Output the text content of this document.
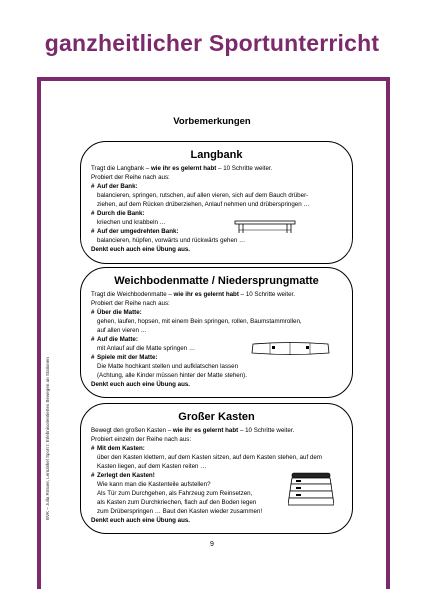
ganzheitlicher Sportunterricht
Vorbemerkungen
Langbank
Tragt die Langbank – wie ihr es gelernt habt – 10 Schritte weiter.
Probiert der Reihe nach aus:
# Auf der Bank:
balancieren, springen, rutschen, auf allen vieren, sich auf dem Bauch drüber-
ziehen, auf dem Rücken drüberziehen, Anlauf nehmen und drüberspringen …
# Durch die Bank:
kriechen und krabbeln …
# Auf der umgedrehten Bank:
balancieren, hüpfen, vorwärts und rückwärts gehen …
Denkt euch auch eine Übung aus.
Weichbodenmatte / Niedersprungmatte
Tragt die Weichbodenmatte – wie ihr es gelernt habt – 10 Schritte weiter.
Probiert der Reihe nach aus:
# Über die Matte:
gehen, laufen, hopsen, mit einem Bein springen, rollen, Baumstammrollen,
auf allen vieren …
# Auf die Matte:
mit Anlauf auf die Matte springen …
# Spiele mit der Matte:
Die Matte hochkant stellen und aufklatschen lassen
(Achtung, alle Kinder müssen hinter der Matte stehen).
Denkt euch auch eine Übung aus.
Großer Kasten
Bewegt den großen Kasten – wie ihr es gelernt habt – 10 Schritte weiter.
Probiert einzeln der Reihe nach aus:
# Mit dem Kasten:
über den Kasten klettern, auf dem Kasten sitzen, auf dem Kasten stehen, auf dem
Kasten liegen, auf dem Kasten reiten …
# Zerlegt den Kasten!
Wie kann man die Kastenteile aufstellen?
Als Tür zum Durchgehen, als Fahrzeug zum Reinsetzen,
als Kasten zum Durchkriechen, flach auf den Boden legen
zum Drüberspringen … Baut den Kasten wieder zusammen!
Denkt euch auch eine Übung aus.
BVK – Julia Rösner, Lernzirkel Sport I: Erlebnisorientiertes Bewegen an Stationen
9
